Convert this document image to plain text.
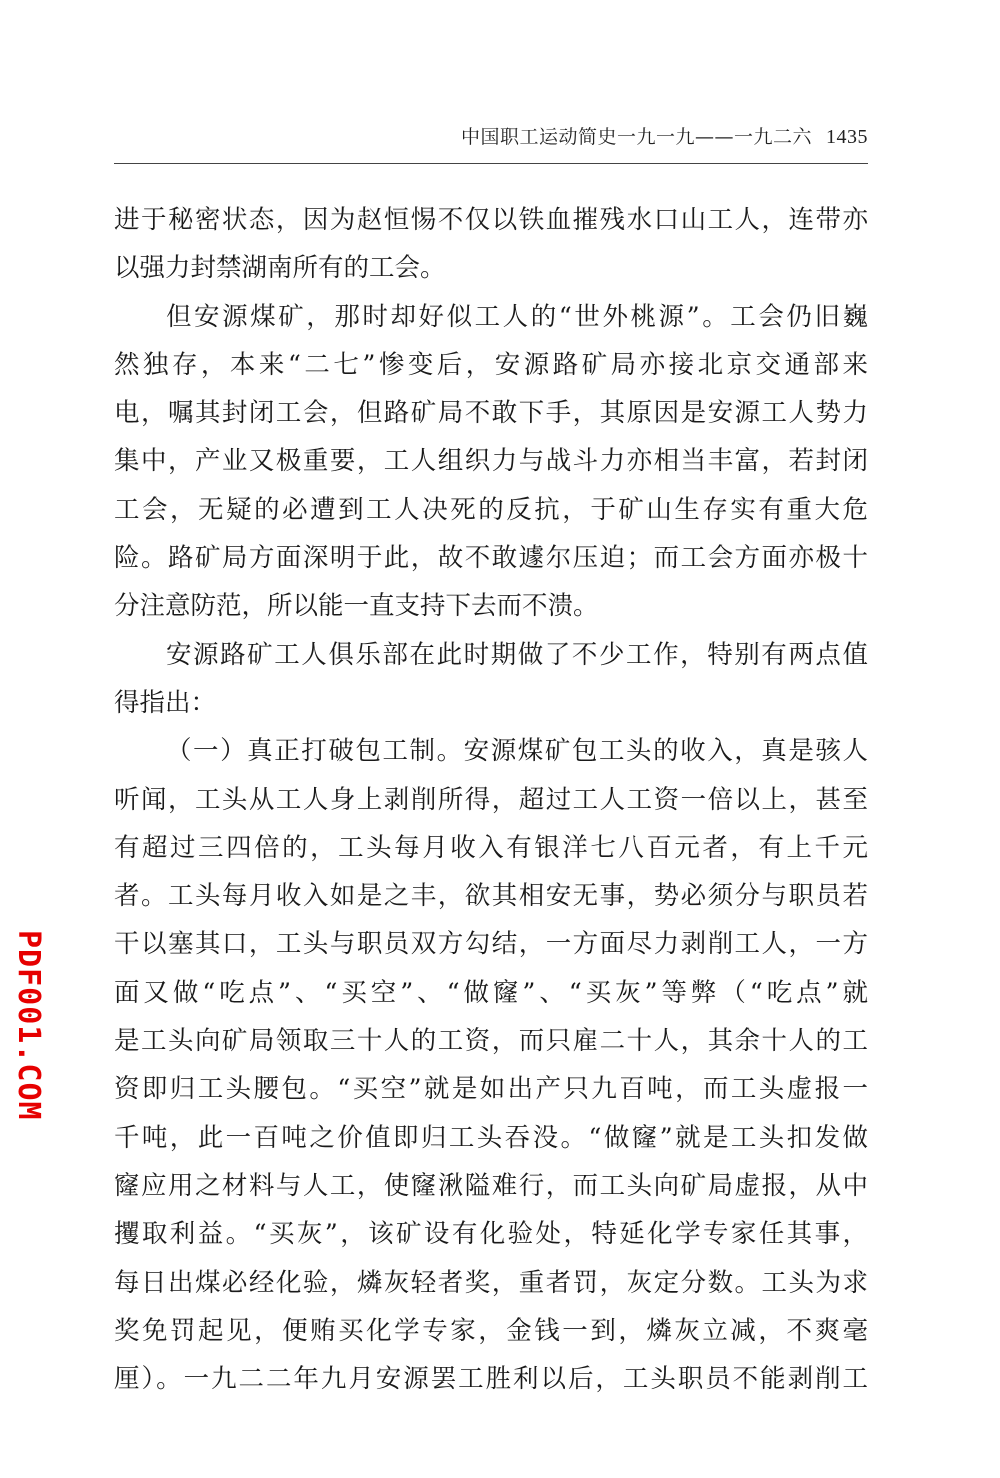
中国职工运动简史一九一九——一九二六 1435
进于秘密状态，因为赵恒惕不仅以铁血摧残水口山工人，连带亦
以强力封禁湖南所有的工会。
但安源煤矿，那时却好似工人的“世外桃源”。工会仍旧巍
然独存，本来“二七”惨变后，安源路矿局亦接北京交通部来
电，嘱其封闭工会，但路矿局不敢下手，其原因是安源工人势力
集中，产业又极重要，工人组织力与战斗力亦相当丰富，若封闭
工会，无疑的必遭到工人决死的反抗，于矿山生存实有重大危
险。路矿局方面深明于此，故不敢遽尔压迫；而工会方面亦极十
分注意防范，所以能一直支持下去而不溃。
安源路矿工人俱乐部在此时期做了不少工作，特别有两点值
得指出：
（一）真正打破包工制。安源煤矿包工头的收入，真是骇人
听闻，工头从工人身上剥削所得，超过工人工资一倍以上，甚至
有超过三四倍的，工头每月收入有银洋七八百元者，有上千元
者。工头每月收入如是之丰，欲其相安无事，势必须分与职员若
干以塞其口，工头与职员双方勾结，一方面尽力剥削工人，一方
面又做“吃点”、“买空”、“做窿”、“买灰”等弊（“吃点”就
是工头向矿局领取三十人的工资，而只雇二十人，其余十人的工
资即归工头腰包。“买空”就是如出产只九百吨，而工头虚报一
千吨，此一百吨之价值即归工头吞没。“做窿”就是工头扣发做
窿应用之材料与人工，使窿湫隘难行，而工头向矿局虚报，从中
攫取利益。“买灰”，该矿设有化验处，特延化学专家任其事，
每日出煤必经化验，燐灰轻者奖，重者罚，灰定分数。工头为求
奖免罚起见，便贿买化学专家，金钱一到，燐灰立减，不爽毫
厘）。一九二二年九月安源罢工胜利以后，工头职员不能剥削工
PDF001.COM
